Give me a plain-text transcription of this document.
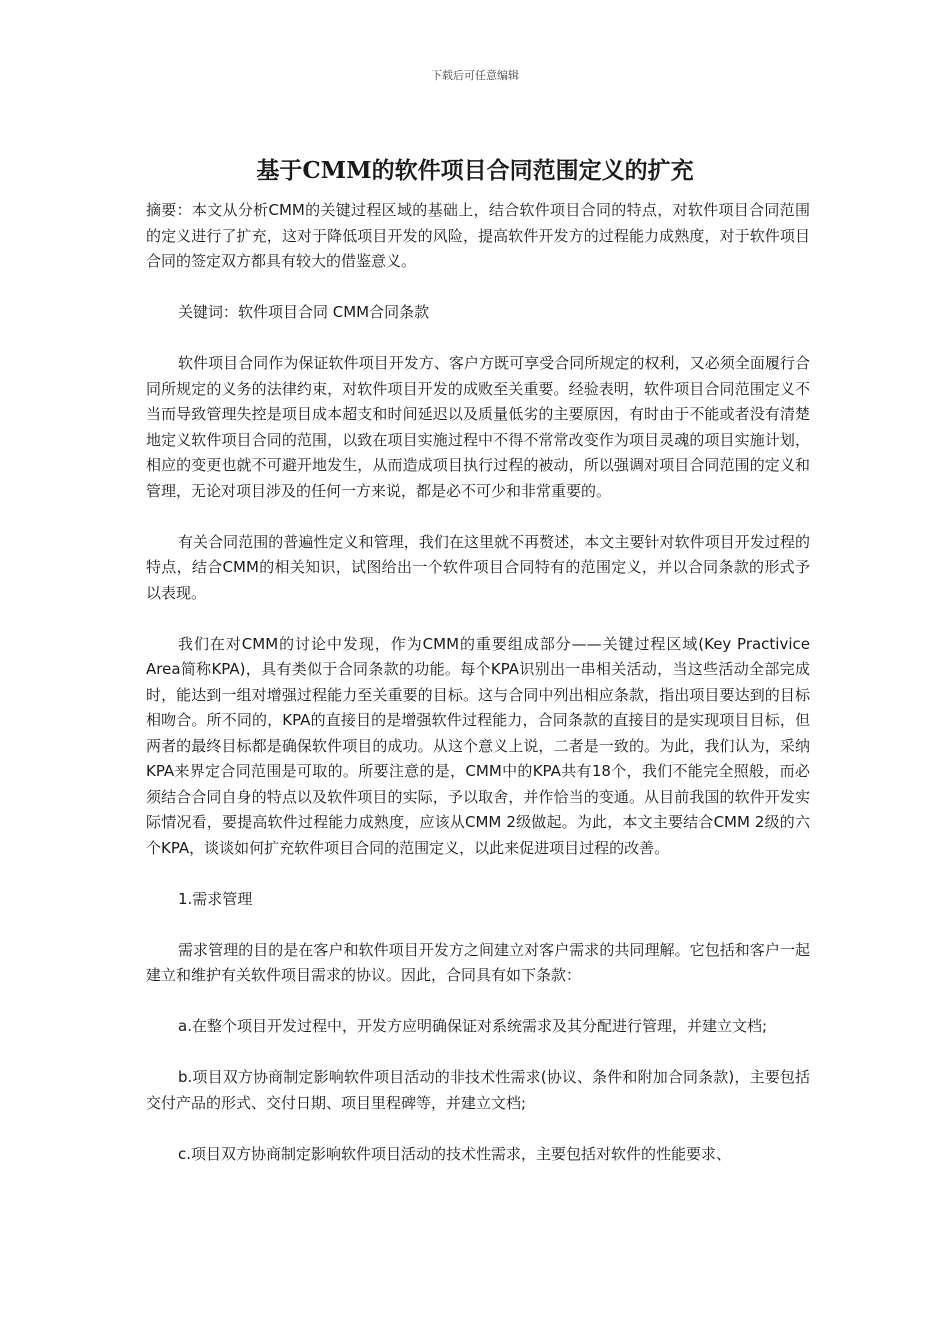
下载后可任意编辑
基于CMM的软件项目合同范围定义的扩充

摘要：本文从分析CMM的关键过程区域的基础上，结合软件项目合同的特点，对软件项目合同范围的定义进行了扩充，这对于降低项目开发的风险，提高软件开发方的过程能力成熟度，对于软件项目合同的签定双方都具有较大的借鉴意义。

关键词：软件项目合同 CMM合同条款

软件项目合同作为保证软件项目开发方、客户方既可享受合同所规定的权利，又必须全面履行合同所规定的义务的法律约束，对软件项目开发的成败至关重要。经验表明，软件项目合同范围定义不当而导致管理失控是项目成本超支和时间延迟以及质量低劣的主要原因，有时由于不能或者没有清楚地定义软件项目合同的范围，以致在项目实施过程中不得不常常改变作为项目灵魂的项目实施计划，相应的变更也就不可避开地发生，从而造成项目执行过程的被动，所以强调对项目合同范围的定义和管理，无论对项目涉及的任何一方来说，都是必不可少和非常重要的。

有关合同范围的普遍性定义和管理，我们在这里就不再赘述，本文主要针对软件项目开发过程的特点，结合CMM的相关知识，试图给出一个软件项目合同特有的范围定义，并以合同条款的形式予以表现。

我们在对CMM的讨论中发现，作为CMM的重要组成部分——关键过程区域(Key Practivice Area简称KPA)，具有类似于合同条款的功能。每个KPA识别出一串相关活动，当这些活动全部完成时，能达到一组对增强过程能力至关重要的目标。这与合同中列出相应条款，指出项目要达到的目标相吻合。所不同的，KPA的直接目的是增强软件过程能力，合同条款的直接目的是实现项目目标，但两者的最终目标都是确保软件项目的成功。从这个意义上说，二者是一致的。为此，我们认为，采纳KPA来界定合同范围是可取的。所要注意的是，CMM中的KPA共有18个，我们不能完全照般，而必须结合合同自身的特点以及软件项目的实际，予以取舍，并作恰当的变通。从目前我国的软件开发实际情况看，要提高软件过程能力成熟度，应该从CMM 2级做起。为此，本文主要结合CMM 2级的六个KPA，谈谈如何扩充软件项目合同的范围定义，以此来促进项目过程的改善。

1.需求管理

需求管理的目的是在客户和软件项目开发方之间建立对客户需求的共同理解。它包括和客户一起建立和维护有关软件项目需求的协议。因此，合同具有如下条款：

a.在整个项目开发过程中，开发方应明确保证对系统需求及其分配进行管理，并建立文档;

b.项目双方协商制定影响软件项目活动的非技术性需求(协议、条件和附加合同条款)，主要包括交付产品的形式、交付日期、项目里程碑等，并建立文档;

c.项目双方协商制定影响软件项目活动的技术性需求，主要包括对软件的性能要求、
